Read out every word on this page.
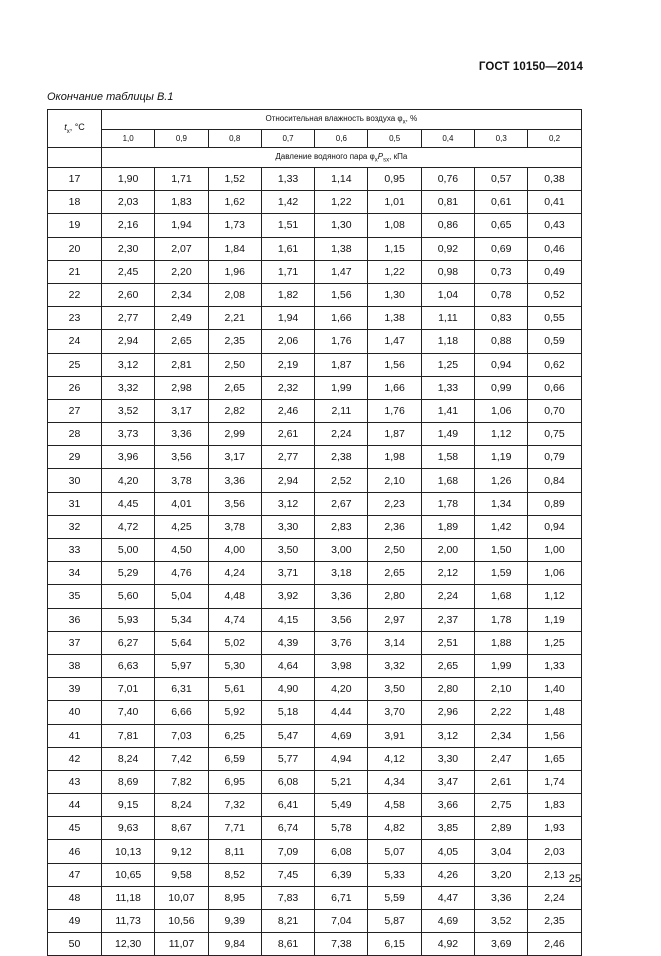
ГОСТ 10150—2014
Окончание таблицы В.1
$t_x$, °C	Относительная влажность воздуха $\varphi_x$, %								
	1,0	0,9	0,8	0,7	0,6	0,5	0,4	0,3	0,2
	Давление водяного пара $\varphi_xP_{sx}$, кПа								
17	1,90	1,71	1,52	1,33	1,14	0,95	0,76	0,57	0,38
18	2,03	1,83	1,62	1,42	1,22	1,01	0,81	0,61	0,41
19	2,16	1,94	1,73	1,51	1,30	1,08	0,86	0,65	0,43
20	2,30	2,07	1,84	1,61	1,38	1,15	0,92	0,69	0,46
21	2,45	2,20	1,96	1,71	1,47	1,22	0,98	0,73	0,49
22	2,60	2,34	2,08	1,82	1,56	1,30	1,04	0,78	0,52
23	2,77	2,49	2,21	1,94	1,66	1,38	1,11	0,83	0,55
24	2,94	2,65	2,35	2,06	1,76	1,47	1,18	0,88	0,59
25	3,12	2,81	2,50	2,19	1,87	1,56	1,25	0,94	0,62
26	3,32	2,98	2,65	2,32	1,99	1,66	1,33	0,99	0,66
27	3,52	3,17	2,82	2,46	2,11	1,76	1,41	1,06	0,70
28	3,73	3,36	2,99	2,61	2,24	1,87	1,49	1,12	0,75
29	3,96	3,56	3,17	2,77	2,38	1,98	1,58	1,19	0,79
30	4,20	3,78	3,36	2,94	2,52	2,10	1,68	1,26	0,84
31	4,45	4,01	3,56	3,12	2,67	2,23	1,78	1,34	0,89
32	4,72	4,25	3,78	3,30	2,83	2,36	1,89	1,42	0,94
33	5,00	4,50	4,00	3,50	3,00	2,50	2,00	1,50	1,00
34	5,29	4,76	4,24	3,71	3,18	2,65	2,12	1,59	1,06
35	5,60	5,04	4,48	3,92	3,36	2,80	2,24	1,68	1,12
36	5,93	5,34	4,74	4,15	3,56	2,97	2,37	1,78	1,19
37	6,27	5,64	5,02	4,39	3,76	3,14	2,51	1,88	1,25
38	6,63	5,97	5,30	4,64	3,98	3,32	2,65	1,99	1,33
39	7,01	6,31	5,61	4,90	4,20	3,50	2,80	2,10	1,40
40	7,40	6,66	5,92	5,18	4,44	3,70	2,96	2,22	1,48
41	7,81	7,03	6,25	5,47	4,69	3,91	3,12	2,34	1,56
42	8,24	7,42	6,59	5,77	4,94	4,12	3,30	2,47	1,65
43	8,69	7,82	6,95	6,08	5,21	4,34	3,47	2,61	1,74
44	9,15	8,24	7,32	6,41	5,49	4,58	3,66	2,75	1,83
45	9,63	8,67	7,71	6,74	5,78	4,82	3,85	2,89	1,93
46	10,13	9,12	8,11	7,09	6,08	5,07	4,05	3,04	2,03
47	10,65	9,58	8,52	7,45	6,39	5,33	4,26	3,20	2,13
48	11,18	10,07	8,95	7,83	6,71	5,59	4,47	3,36	2,24
49	11,73	10,56	9,39	8,21	7,04	5,87	4,69	3,52	2,35
50	12,30	11,07	9,84	8,61	7,38	6,15	4,92	3,69	2,46
25
